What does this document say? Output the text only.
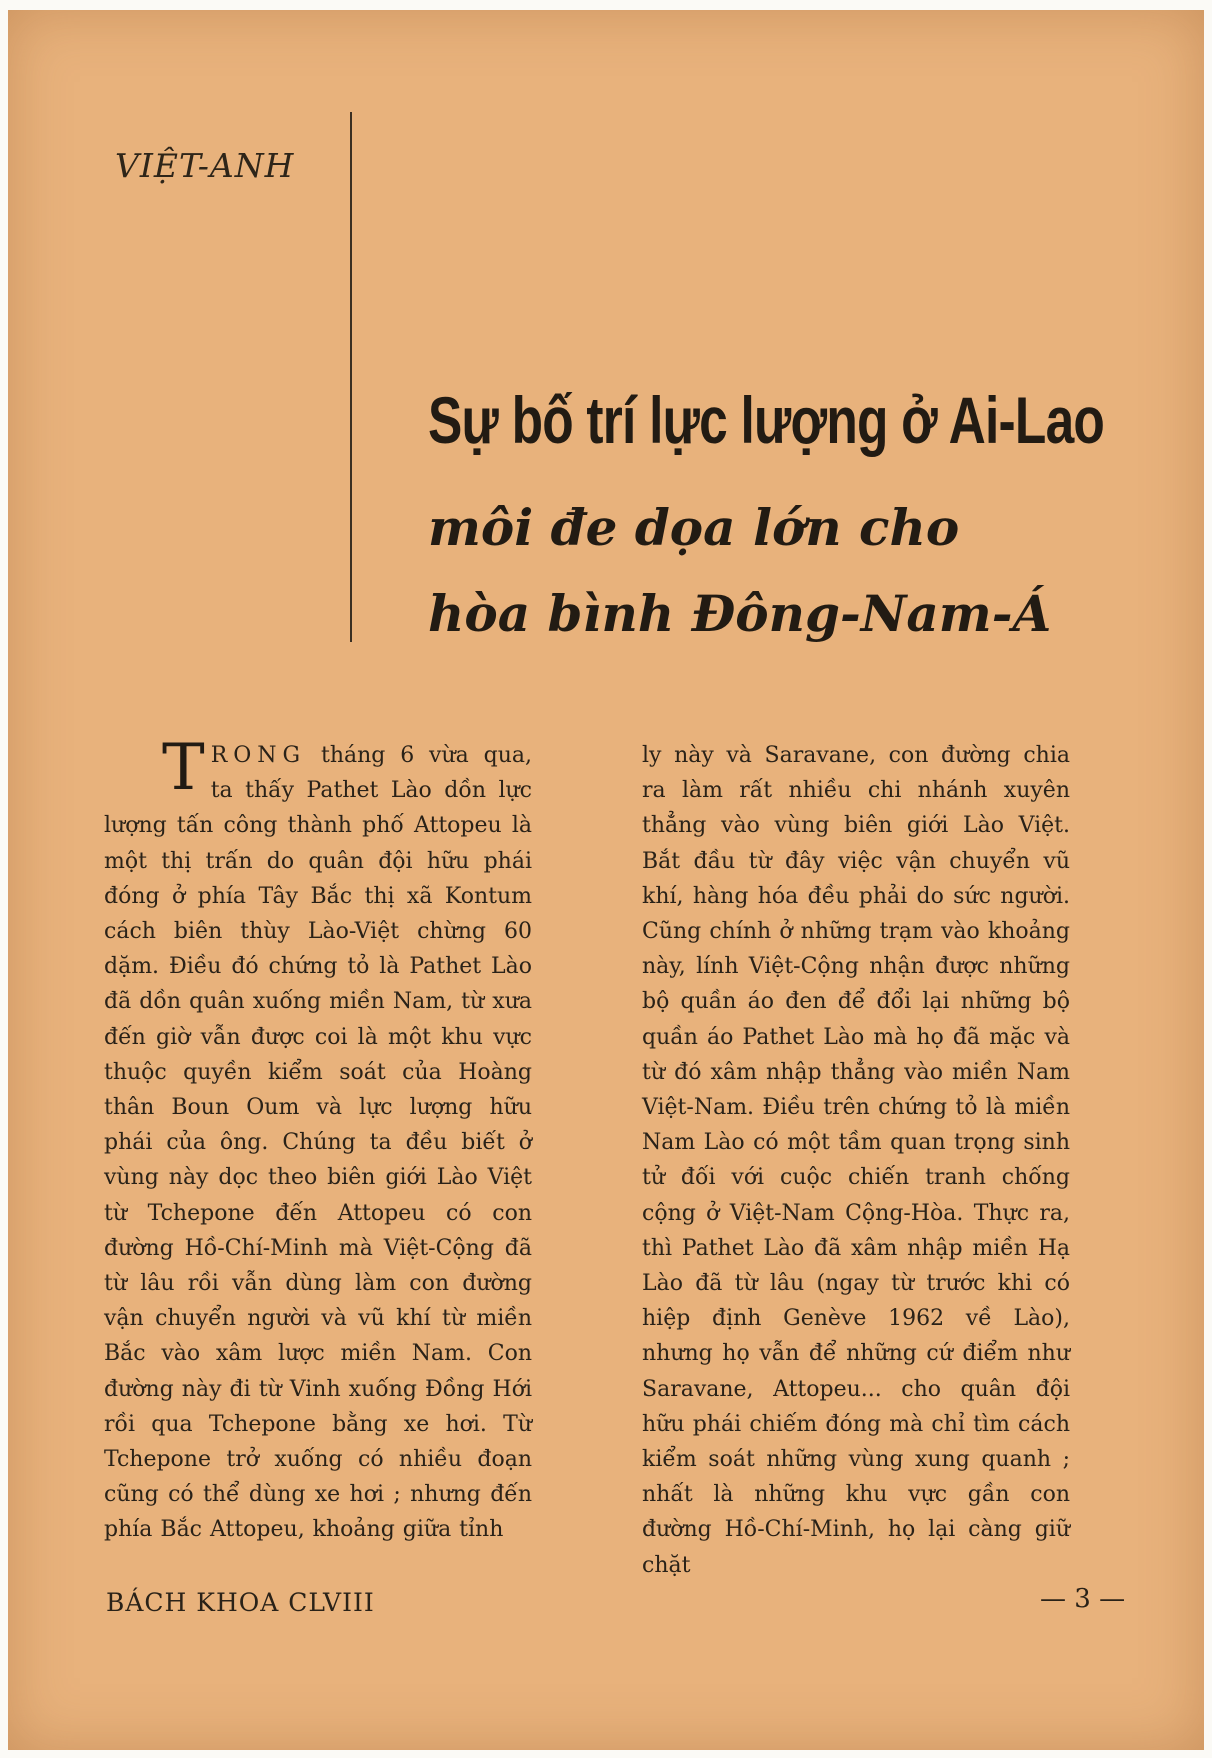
VIỆT-ANH
Sự bố trí lực lượng ở Ai-Lao
môi đe dọa lớn cho
hòa bình Đông-Nam-Á
TRONG tháng 6 vừa qua, ta thấy Pathet Lào dồn lực lượng tấn công thành phố Attopeu là một thị trấn do quân đội hữu phái đóng ở phía Tây Bắc thị xã Kontum cách biên thùy Lào-Việt chừng 60 dặm. Điều đó chứng tỏ là Pathet Lào đã dồn quân xuống miền Nam, từ xưa đến giờ vẫn được coi là một khu vực thuộc quyền kiểm soát của Hoàng thân Boun Oum và lực lượng hữu phái của ông. Chúng ta đều biết ở vùng này dọc theo biên giới Lào Việt từ Tchepone đến Attopeu có con đường Hồ-Chí-Minh mà Việt-Cộng đã từ lâu rồi vẫn dùng làm con đường vận chuyển người và vũ khí từ miền Bắc vào xâm lược miền Nam. Con đường này đi từ Vinh xuống Đồng Hới rồi qua Tchepone bằng xe hơi. Từ Tchepone trở xuống có nhiều đoạn cũng có thể dùng xe hơi ; nhưng đến phía Bắc Attopeu, khoảng giữa tỉnh
ly này và Saravane, con đường chia ra làm rất nhiều chi nhánh xuyên thẳng vào vùng biên giới Lào Việt. Bắt đầu từ đây việc vận chuyển vũ khí, hàng hóa đều phải do sức người. Cũng chính ở những trạm vào khoảng này, lính Việt-Cộng nhận được những bộ quần áo đen để đổi lại những bộ quần áo Pathet Lào mà họ đã mặc và từ đó xâm nhập thẳng vào miền Nam Việt-Nam. Điều trên chứng tỏ là miền Nam Lào có một tầm quan trọng sinh tử đối với cuộc chiến tranh chống cộng ở Việt-Nam Cộng-Hòa. Thực ra, thì Pathet Lào đã xâm nhập miền Hạ Lào đã từ lâu (ngay từ trước khi có hiệp định Genève 1962 về Lào), nhưng họ vẫn để những cứ điểm như Saravane, Attopeu... cho quân đội hữu phái chiếm đóng mà chỉ tìm cách kiểm soát những vùng xung quanh ; nhất là những khu vực gần con đường Hồ-Chí-Minh, họ lại càng giữ chặt
BÁCH KHOA CLVIII	— 3 —
